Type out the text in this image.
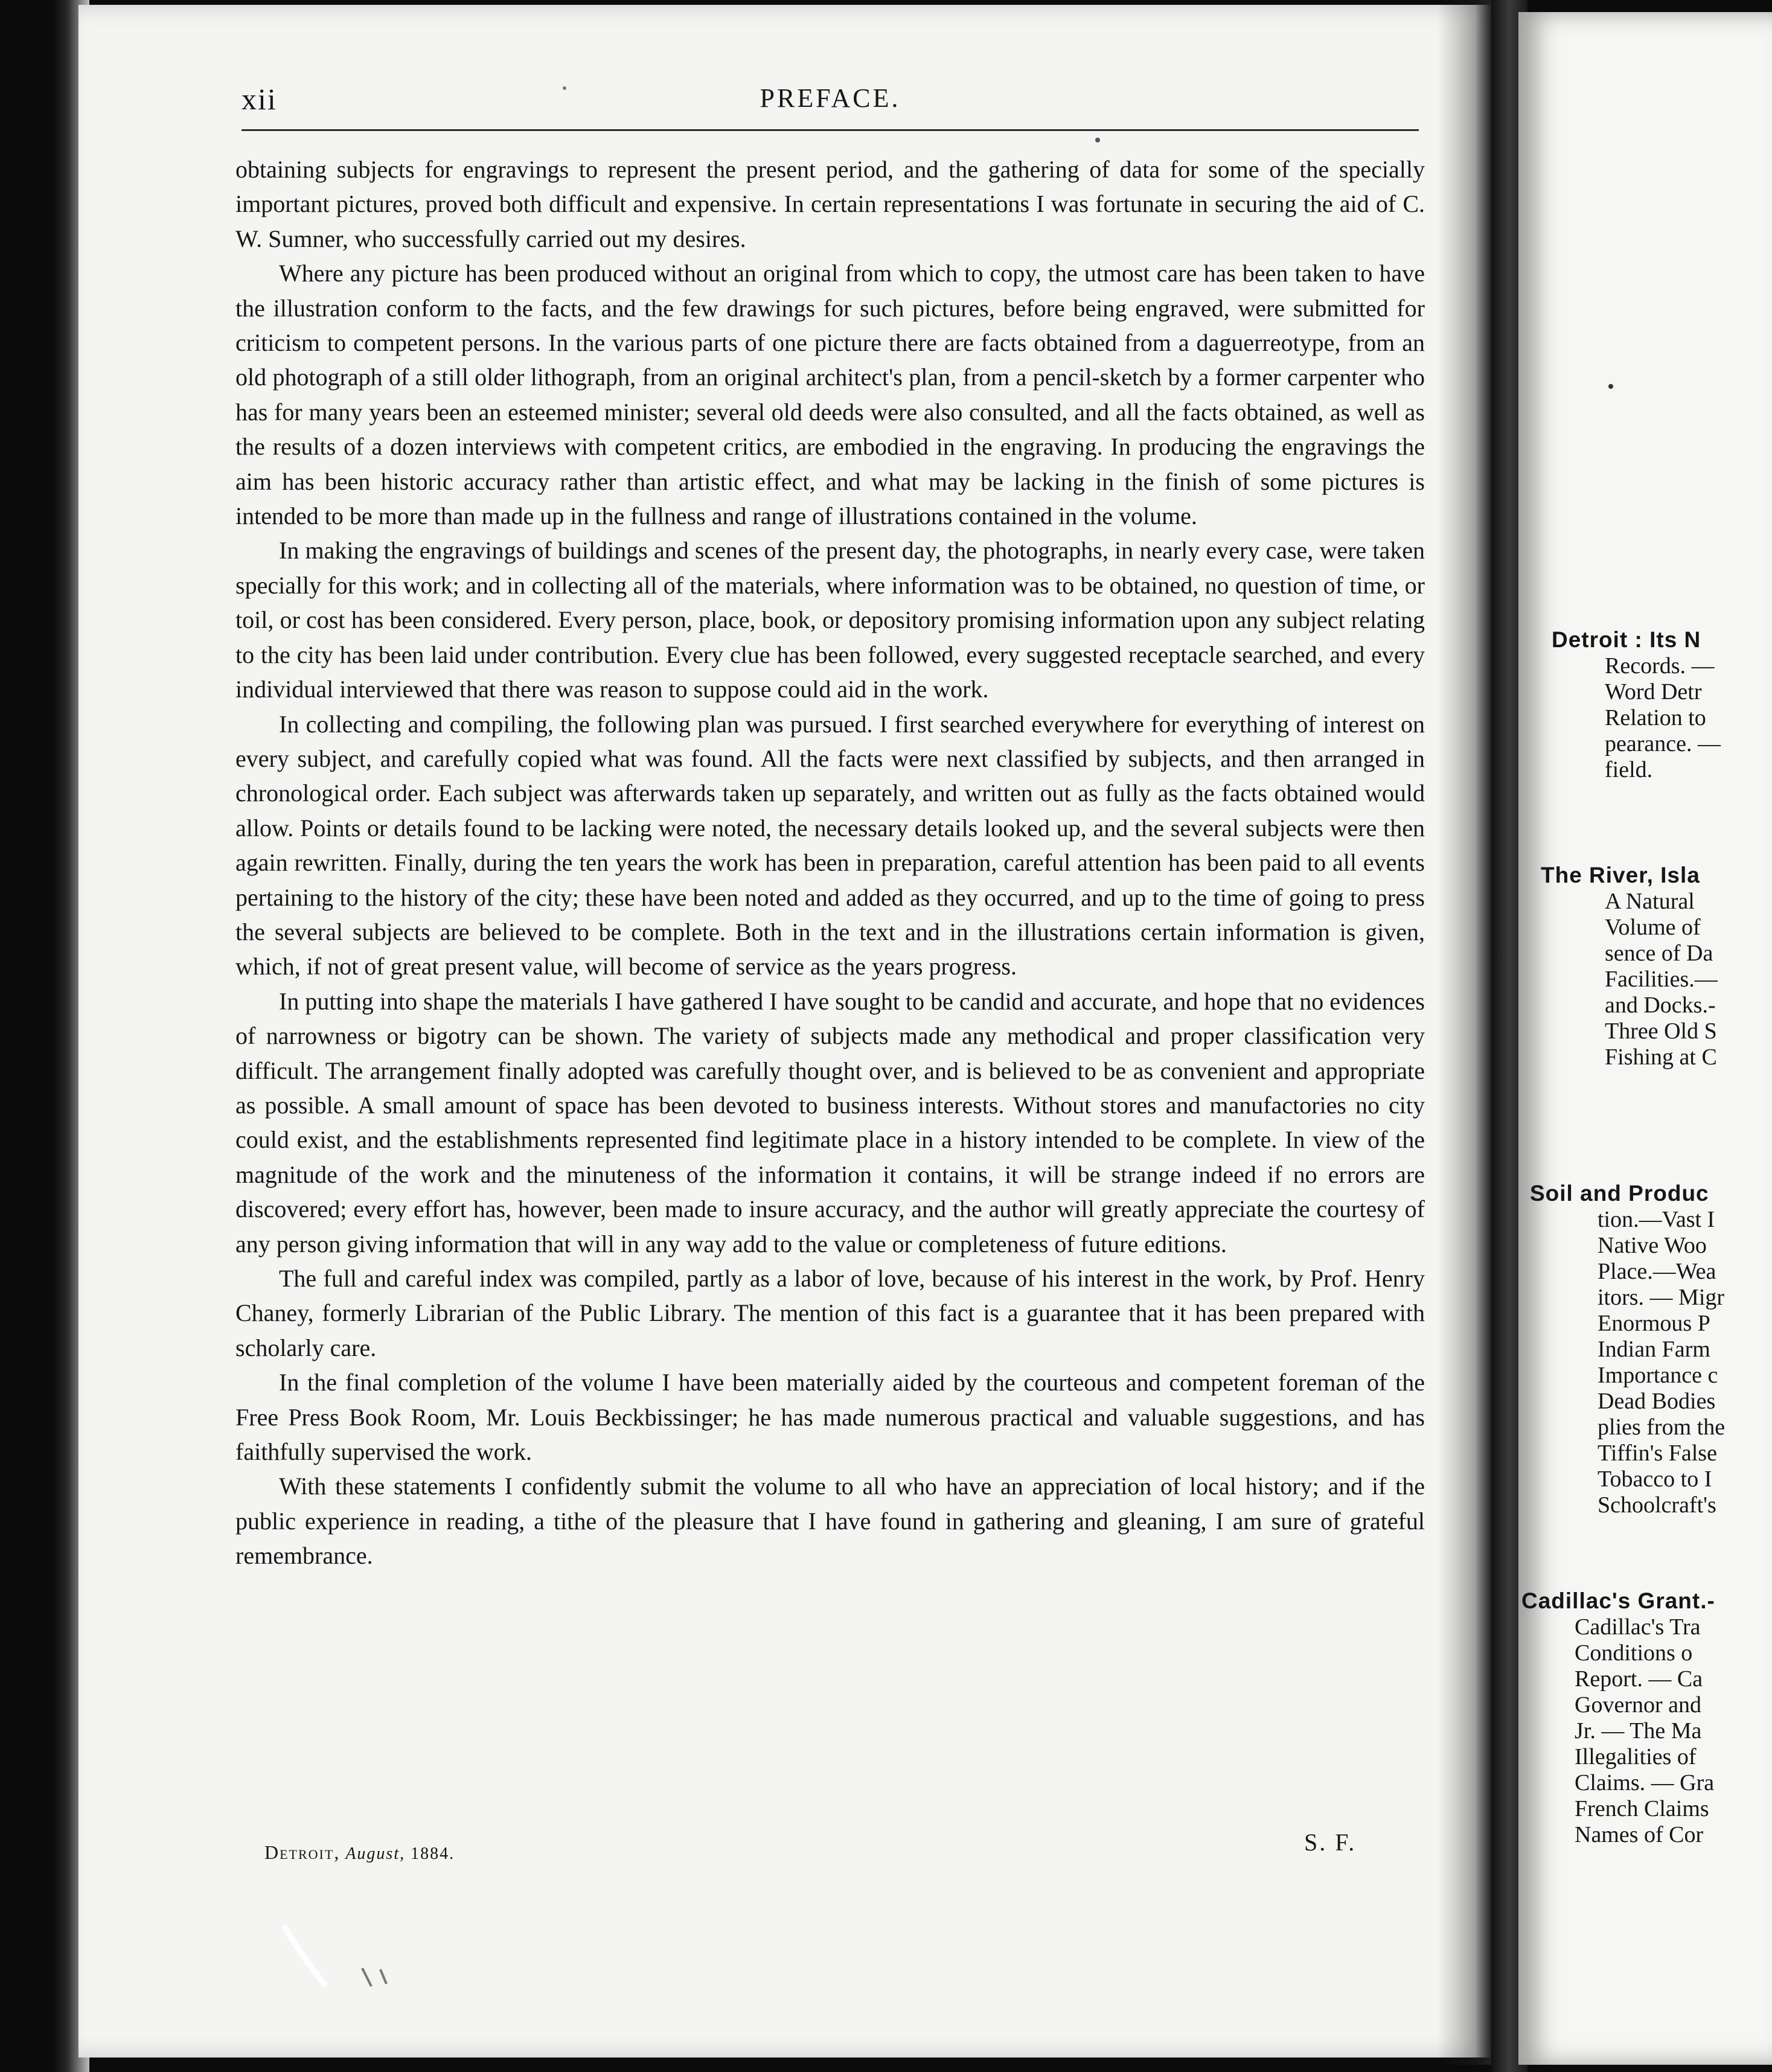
xii	PREFACE.

obtaining subjects for engravings to represent the present period, and the gathering of data for some of the specially important pictures, proved both difficult and expensive. In certain representations I was fortunate in securing the aid of C. W. Sumner, who successfully carried out my desires.

Where any picture has been produced without an original from which to copy, the utmost care has been taken to have the illustration conform to the facts, and the few drawings for such pictures, before being engraved, were submitted for criticism to competent persons. In the various parts of one picture there are facts obtained from a daguerreotype, from an old photograph of a still older lithograph, from an original architect's plan, from a pencil-sketch by a former carpenter who has for many years been an esteemed minister; several old deeds were also consulted, and all the facts obtained, as well as the results of a dozen interviews with competent critics, are embodied in the engraving. In producing the engravings the aim has been historic accuracy rather than artistic effect, and what may be lacking in the finish of some pictures is intended to be more than made up in the fullness and range of illustrations contained in the volume.

In making the engravings of buildings and scenes of the present day, the photographs, in nearly every case, were taken specially for this work; and in collecting all of the materials, where information was to be obtained, no question of time, or toil, or cost has been considered. Every person, place, book, or depository promising information upon any subject relating to the city has been laid under contribution. Every clue has been followed, every suggested receptacle searched, and every individual interviewed that there was reason to suppose could aid in the work.

In collecting and compiling, the following plan was pursued. I first searched everywhere for everything of interest on every subject, and carefully copied what was found. All the facts were next classified by subjects, and then arranged in chronological order. Each subject was afterwards taken up separately, and written out as fully as the facts obtained would allow. Points or details found to be lacking were noted, the necessary details looked up, and the several subjects were then again rewritten. Finally, during the ten years the work has been in preparation, careful attention has been paid to all events pertaining to the history of the city; these have been noted and added as they occurred, and up to the time of going to press the several subjects are believed to be complete. Both in the text and in the illustrations certain information is given, which, if not of great present value, will become of service as the years progress.

In putting into shape the materials I have gathered I have sought to be candid and accurate, and hope that no evidences of narrowness or bigotry can be shown. The variety of subjects made any methodical and proper classification very difficult. The arrangement finally adopted was carefully thought over, and is believed to be as convenient and appropriate as possible. A small amount of space has been devoted to business interests. Without stores and manufactories no city could exist, and the establishments represented find legitimate place in a history intended to be complete. In view of the magnitude of the work and the minuteness of the information it contains, it will be strange indeed if no errors are discovered; every effort has, however, been made to insure accuracy, and the author will greatly appreciate the courtesy of any person giving information that will in any way add to the value or completeness of future editions.

The full and careful index was compiled, partly as a labor of love, because of his interest in the work, by Prof. Henry Chaney, formerly Librarian of the Public Library. The mention of this fact is a guarantee that it has been prepared with scholarly care.

In the final completion of the volume I have been materially aided by the courteous and competent foreman of the Free Press Book Room, Mr. Louis Beckbissinger; he has made numerous practical and valuable suggestions, and has faithfully supervised the work.

With these statements I confidently submit the volume to all who have an appreciation of local history; and if the public experience in reading, a tithe of the pleasure that I have found in gathering and gleaning, I am sure of grateful remembrance.

Detroit, August, 1884.	S. F.
Detroit : Its N
Records. —
Word Detr
Relation to
pearance. —
field.
The River, Isla
A Natural
Volume of
sence of Da
Facilities.—
and Docks.-
Three Old S
Fishing at C
Soil and Produc
tion.—Vast I
Native Woo
Place.—Wea
itors. — Migr
Enormous P
Indian Farm
Importance c
Dead Bodies
plies from the
Tiffin's False
Tobacco to I
Schoolcraft's
Cadillac's Grant.-
Cadillac's Tra
Conditions o
Report. — Ca
Governor and
Jr. — The Ma
Illegalities of
Claims. — Gra
French Claims
Names of Cor
